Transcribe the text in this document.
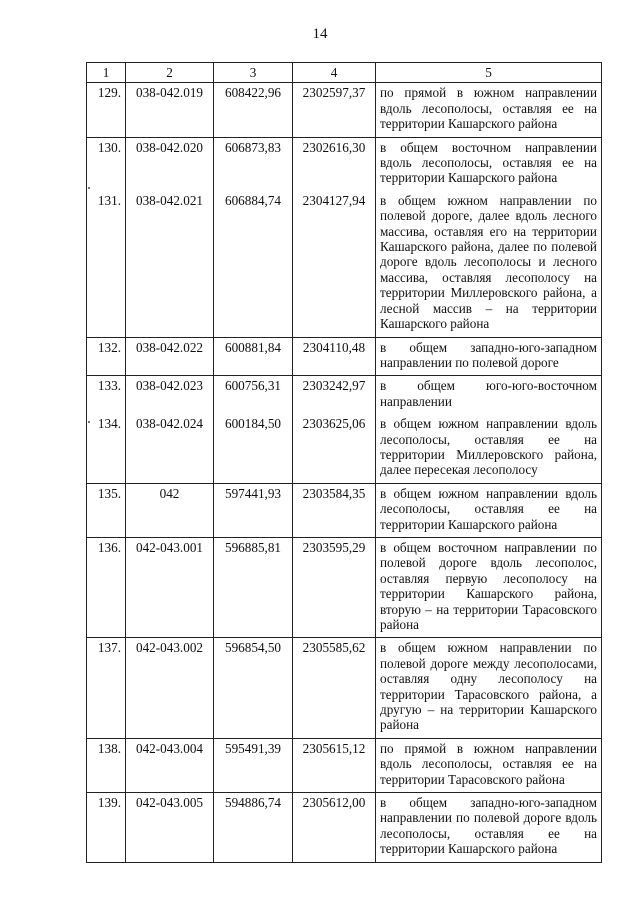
14
1	2	3	4	5
129.	038-042.019	608422,96	2302597,37	по прямой в южном направлении вдоль лесополосы, оставляя ее на территории Кашарского района
130.	038-042.020	606873,83	2302616,30	в общем восточном направлении вдоль лесополосы, оставляя ее на территории Кашарского района
131.	038-042.021	606884,74	2304127,94	в общем южном направлении по полевой дороге, далее вдоль лесного массива, оставляя его на территории Кашарского района, далее по полевой дороге вдоль лесополосы и лесного массива, оставляя лесополосу на территории Миллеровского района, а лесной массив – на территории Кашарского района
132.	038-042.022	600881,84	2304110,48	в общем западно-юго-западном направлении по полевой дороге
133.	038-042.023	600756,31	2303242,97	в общем юго-юго-восточном направлении
134.	038-042.024	600184,50	2303625,06	в общем южном направлении вдоль лесополосы, оставляя ее на территории Миллеровского района, далее пересекая лесополосу
135.	042	597441,93	2303584,35	в общем южном направлении вдоль лесополосы, оставляя ее на территории Кашарского района
136.	042-043.001	596885,81	2303595,29	в общем восточном направлении по полевой дороге вдоль лесополос, оставляя первую лесополосу на территории Кашарского района, вторую – на территории Тарасовского района
137.	042-043.002	596854,50	2305585,62	в общем южном направлении по полевой дороге между лесополосами, оставляя одну лесополосу на территории Тарасовского района, а другую – на территории Кашарского района
138.	042-043.004	595491,39	2305615,12	по прямой в южном направлении вдоль лесополосы, оставляя ее на территории Тарасовского района
139.	042-043.005	594886,74	2305612,00	в общем западно-юго-западном направлении по полевой дороге вдоль лесополосы, оставляя ее на территории Кашарского района
